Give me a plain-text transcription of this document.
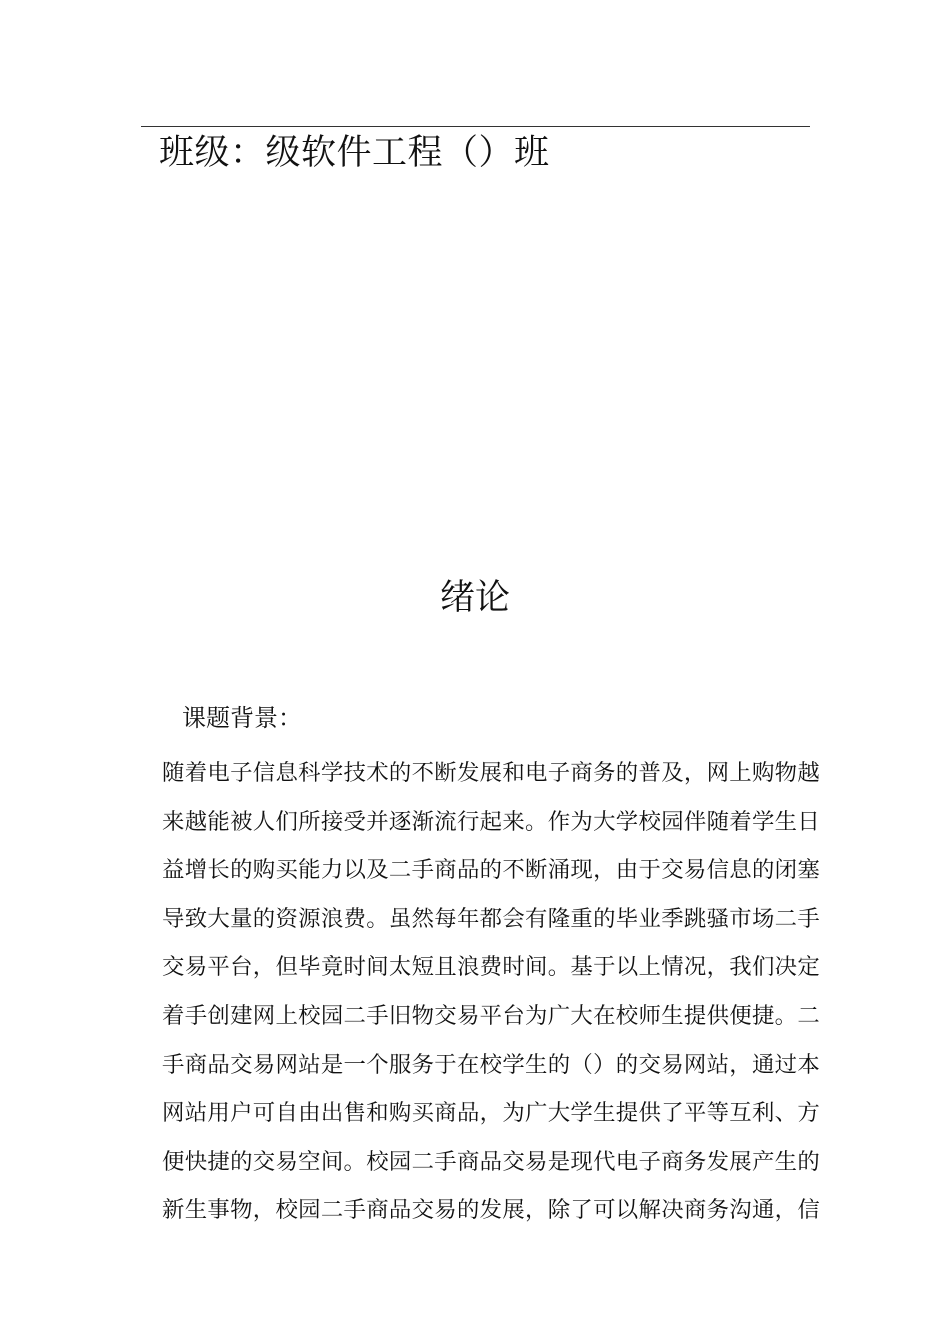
班级：级软件工程（）班
绪论
课题背景：
随着电子信息科学技术的不断发展和电子商务的普及，网上购物越
来越能被人们所接受并逐渐流行起来。作为大学校园伴随着学生日
益增长的购买能力以及二手商品的不断涌现，由于交易信息的闭塞
导致大量的资源浪费。虽然每年都会有隆重的毕业季跳骚市场二手
交易平台，但毕竟时间太短且浪费时间。基于以上情况，我们决定
着手创建网上校园二手旧物交易平台为广大在校师生提供便捷。二
手商品交易网站是一个服务于在校学生的（）的交易网站，通过本
网站用户可自由出售和购买商品，为广大学生提供了平等互利、方
便快捷的交易空间。校园二手商品交易是现代电子商务发展产生的
新生事物，校园二手商品交易的发展，除了可以解决商务沟通，信
